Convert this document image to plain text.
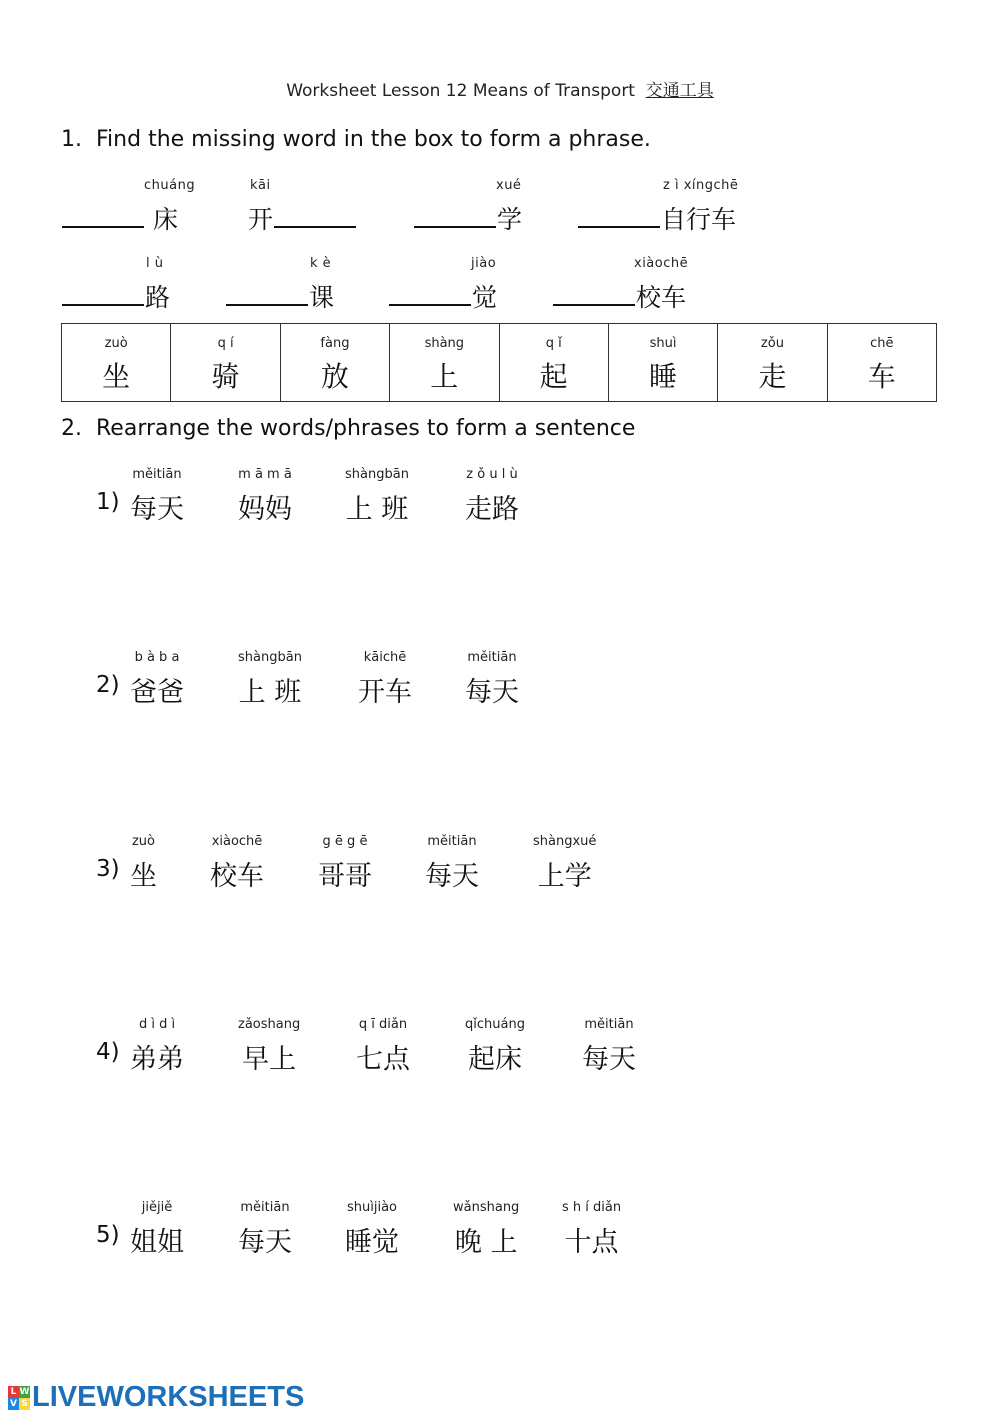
Worksheet Lesson 12 Means of Transport 交通工具
1. Find the missing word in the box to form a phrase.
chuáng
床
kāi
开
xué
学
z ì xíngchē
自行车
l ù
路
k è
课
jiào
觉
xiàochē
校车
zuò
坐
q í
骑
fàng
放
shàng
上
q ǐ
起
shuì
睡
zǒu
走
chē
车
2. Rearrange the words/phrases to form a sentence
1)
měitiān
每天
m ā m ā
妈妈
shàngbān
上 班
z ǒ u l ù
走路
2)
b à b a
爸爸
shàngbān
上 班
kāichē
开车
měitiān
每天
3)
zuò
坐
xiàochē
校车
g ē g ē
哥哥
měitiān
每天
shàngxué
上学
4)
d ì d ì
弟弟
zǎoshang
早上
q ī diǎn
七点
qǐchuáng
起床
měitiān
每天
5)
jiějiě
姐姐
měitiān
每天
shuìjiào
睡觉
wǎnshang
晚 上
s h í diǎn
十点
L W
V S LIVEWORKSHEETS
